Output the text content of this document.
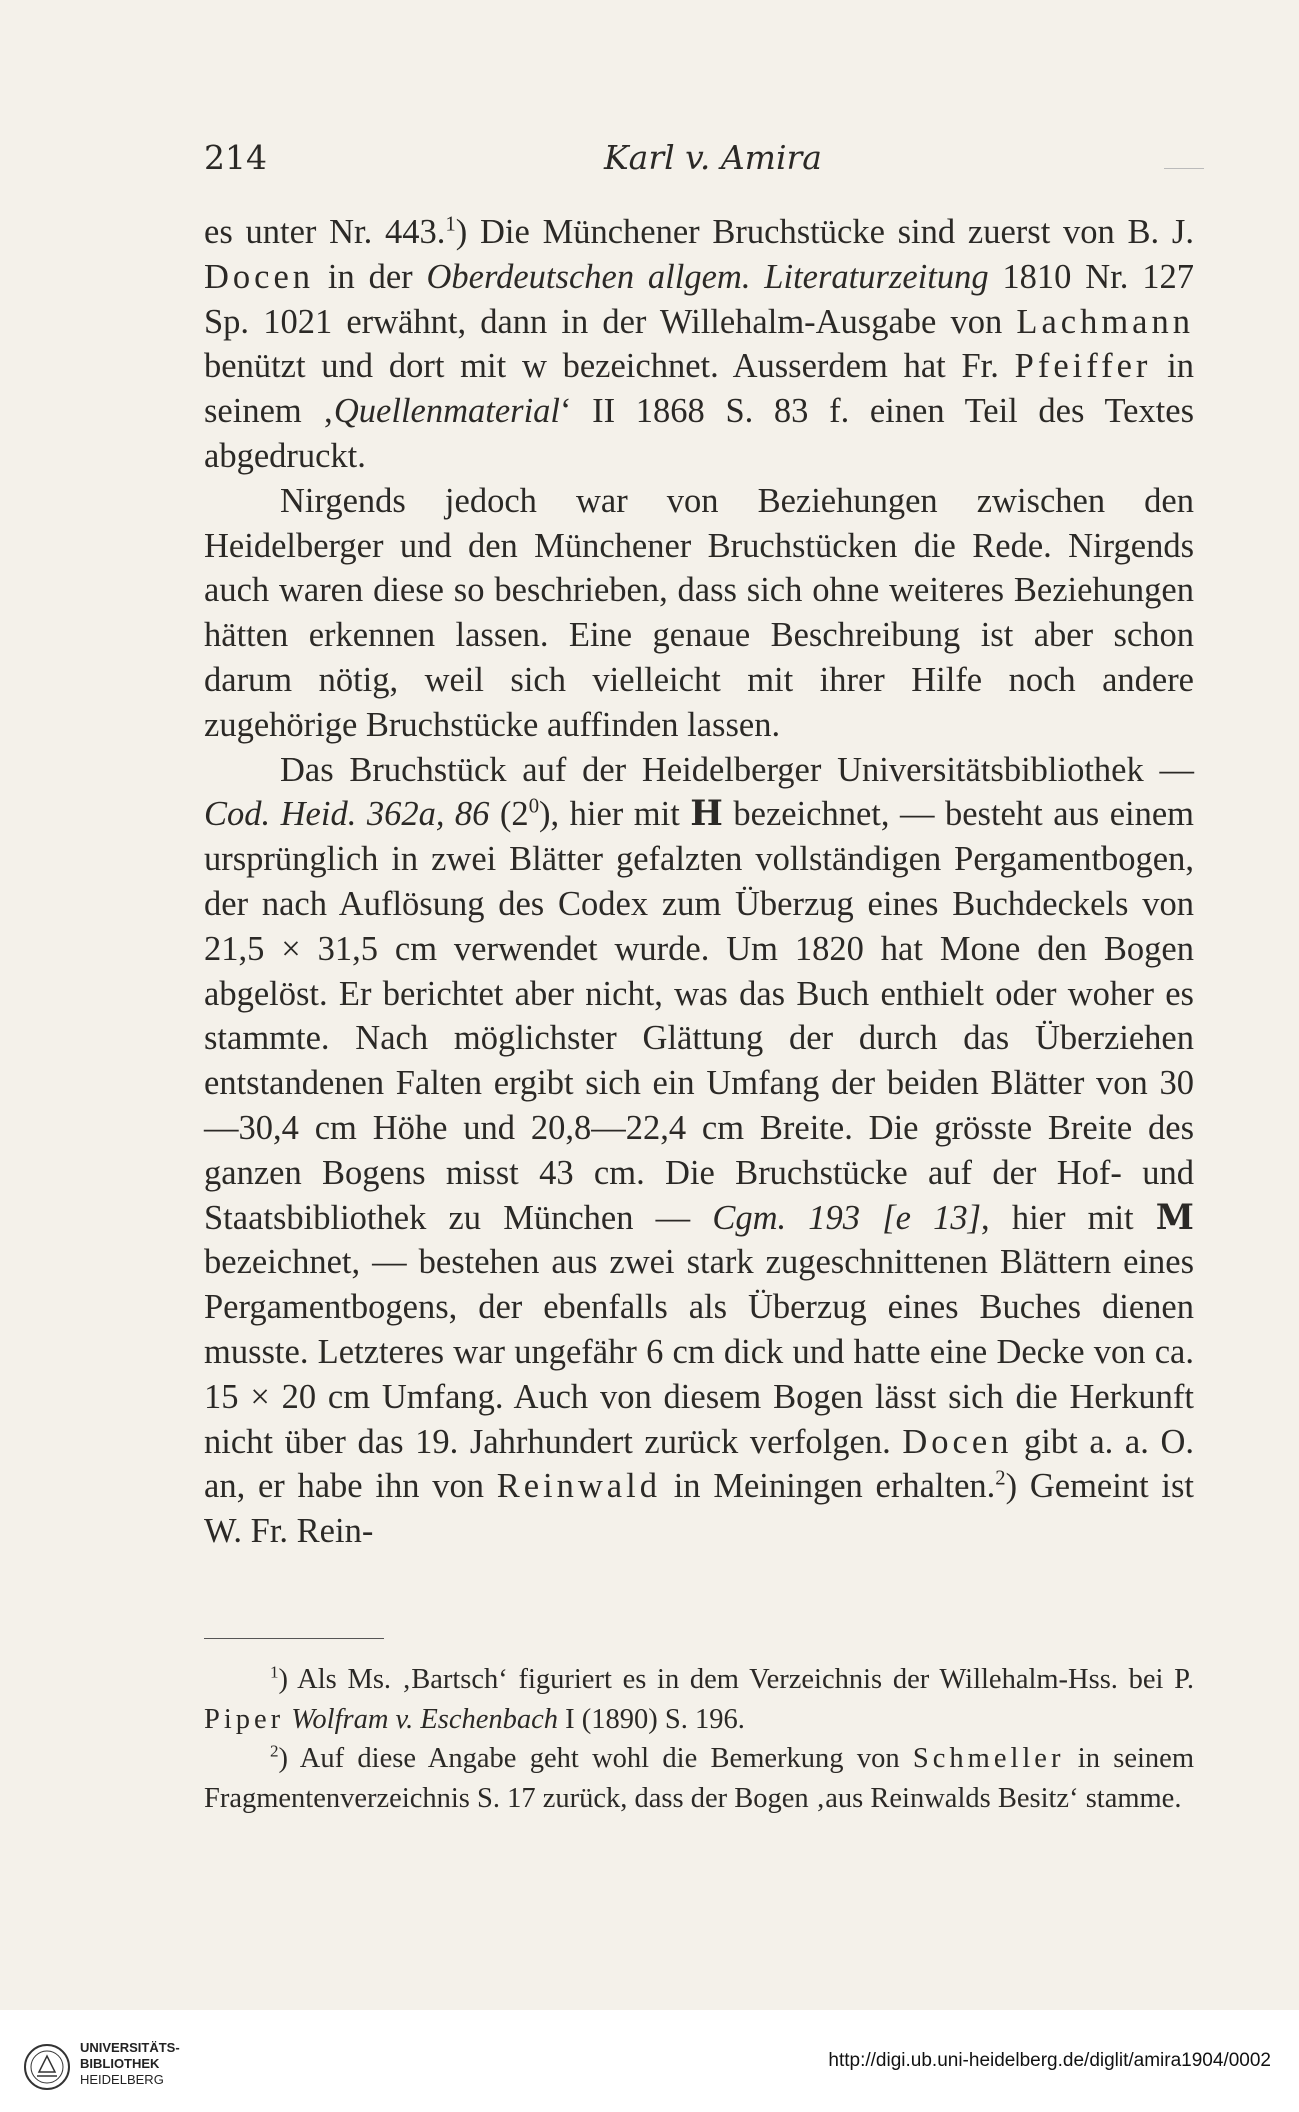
214	Karl v. Amira

es unter Nr. 443.$^1$) Die Münchener Bruchstücke sind zuerst von B. J. Docen in der Oberdeutschen allgem. Literaturzeitung 1810 Nr. 127 Sp. 1021 erwähnt, dann in der Willehalm-Ausgabe von Lachmann benützt und dort mit w bezeichnet. Ausserdem hat Fr. Pfeiffer in seinem ‚Quellenmaterial‘ II 1868 S. 83 f. einen Teil des Textes abgedruckt.

Nirgends jedoch war von Beziehungen zwischen den Heidelberger und den Münchener Bruchstücken die Rede. Nirgends auch waren diese so beschrieben, dass sich ohne weiteres Beziehungen hätten erkennen lassen. Eine genaue Beschreibung ist aber schon darum nötig, weil sich vielleicht mit ihrer Hilfe noch andere zugehörige Bruchstücke auffinden lassen.

Das Bruchstück auf der Heidelberger Universitätsbibliothek — Cod. Heid. 362a, 86 $(2^0)$, hier mit H bezeichnet, — besteht aus einem ursprünglich in zwei Blätter gefalzten vollständigen Pergamentbogen, der nach Auflösung des Codex zum Überzug eines Buchdeckels von 21,5 × 31,5 cm verwendet wurde. Um 1820 hat Mone den Bogen abgelöst. Er berichtet aber nicht, was das Buch enthielt oder woher es stammte. Nach möglichster Glättung der durch das Überziehen entstandenen Falten ergibt sich ein Umfang der beiden Blätter von 30—30,4 cm Höhe und 20,8—22,4 cm Breite. Die grösste Breite des ganzen Bogens misst 43 cm. Die Bruchstücke auf der Hof- und Staatsbibliothek zu München — Cgm. 193 [e 13], hier mit M bezeichnet, — bestehen aus zwei stark zugeschnittenen Blättern eines Pergamentbogens, der ebenfalls als Überzug eines Buches dienen musste. Letzteres war ungefähr 6 cm dick und hatte eine Decke von ca. 15 × 20 cm Umfang. Auch von diesem Bogen lässt sich die Herkunft nicht über das 19. Jahrhundert zurück verfolgen. Docen gibt a. a. O. an, er habe ihn von Reinwald in Meiningen erhalten.$^2$) Gemeint ist W. Fr. Rein-

$^1$) Als Ms. ‚Bartsch‘ figuriert es in dem Verzeichnis der Willehalm-Hss. bei P. Piper Wolfram v. Eschenbach I (1890) S. 196.

$^2$) Auf diese Angabe geht wohl die Bemerkung von Schmeller in seinem Fragmentenverzeichnis S. 17 zurück, dass der Bogen ‚aus Reinwalds Besitz‘ stamme.

UNIVERSITÄTS-
BIBLIOTHEK
HEIDELBERG
http://digi.ub.uni-heidelberg.de/diglit/amira1904/0002
